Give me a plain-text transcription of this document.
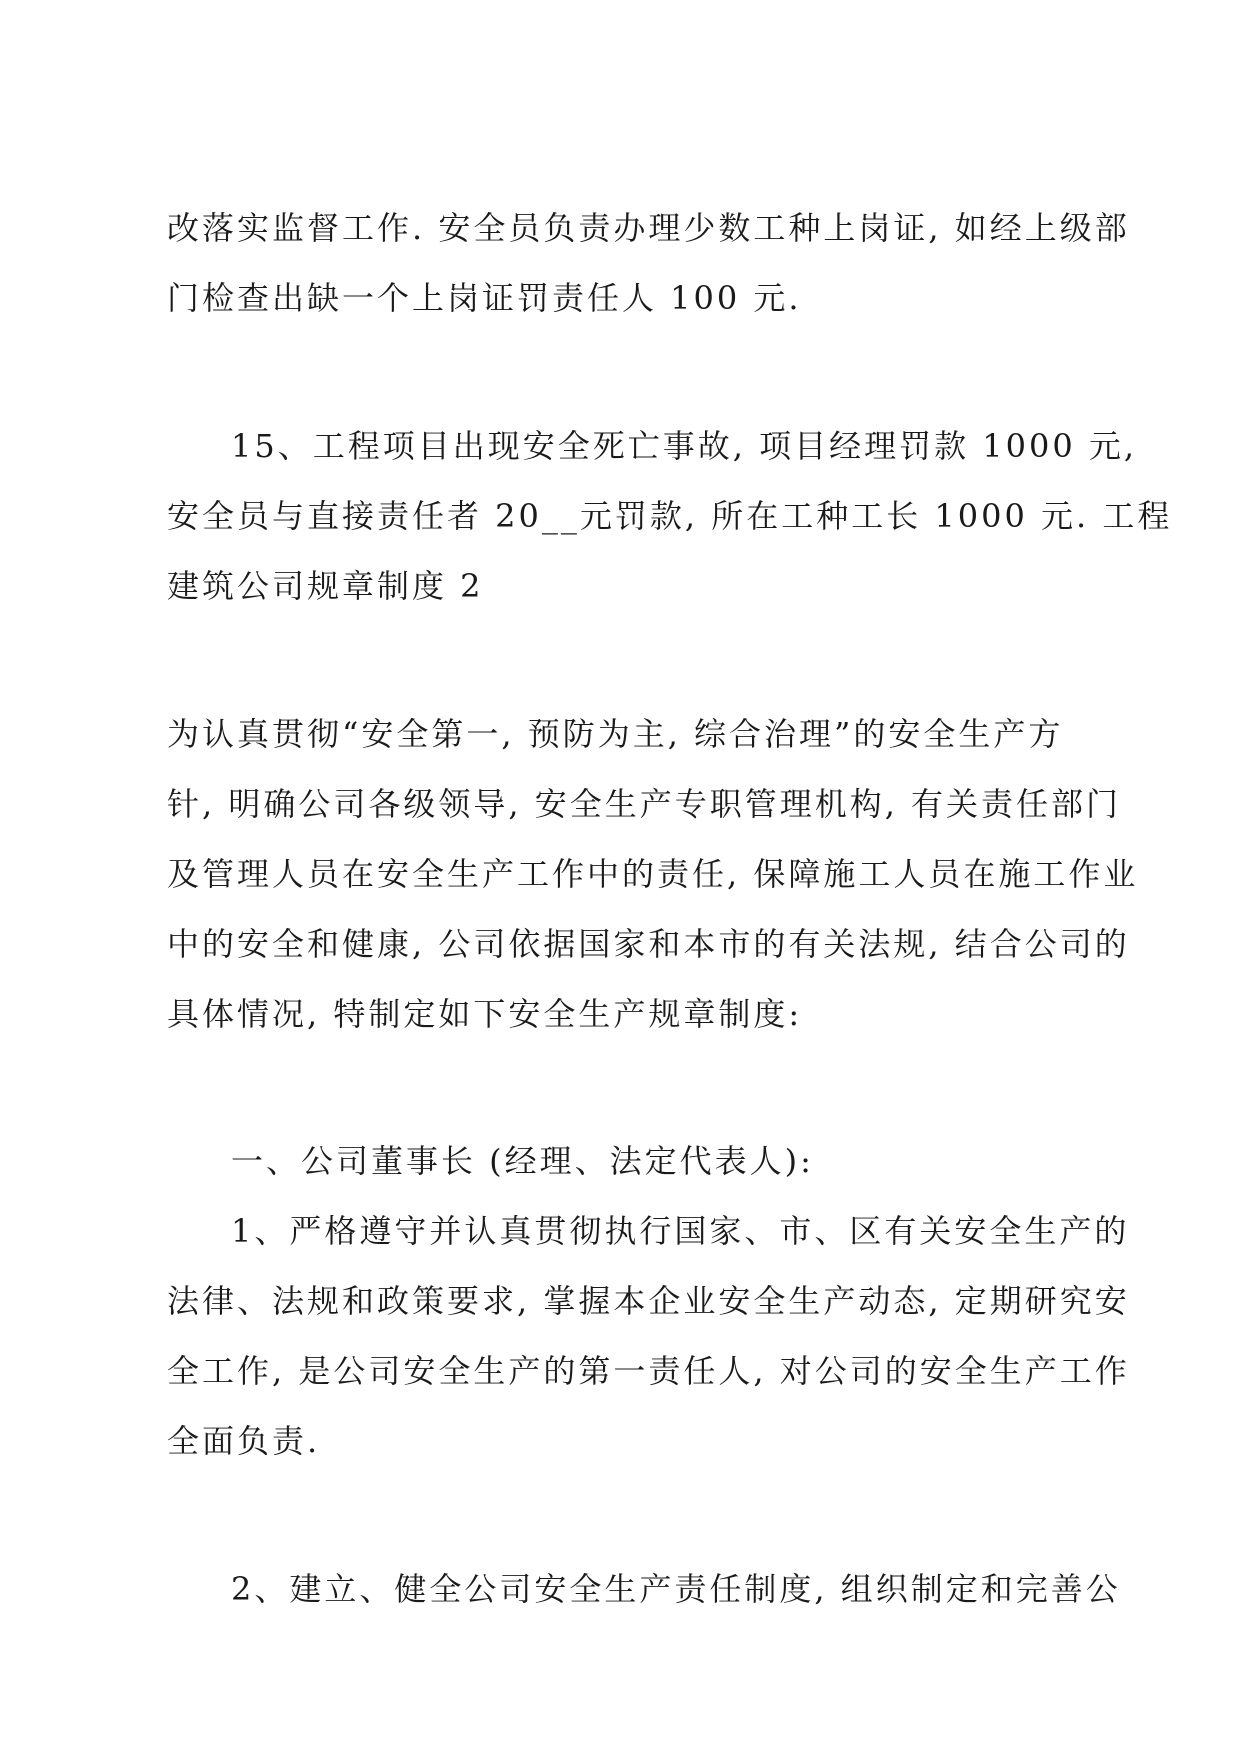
改落实监督工作. 安全员负责办理少数工种上岗证, 如经上级部
门检查出缺一个上岗证罚责任人 100 元.
15、工程项目出现安全死亡事故, 项目经理罚款 1000 元,
安全员与直接责任者 20__元罚款, 所在工种工长 1000 元. 工程
建筑公司规章制度 2
为认真贯彻“安全第一, 预防为主, 综合治理”的安全生产方
针, 明确公司各级领导, 安全生产专职管理机构, 有关责任部门
及管理人员在安全生产工作中的责任, 保障施工人员在施工作业
中的安全和健康, 公司依据国家和本市的有关法规, 结合公司的
具体情况, 特制定如下安全生产规章制度:
一、公司董事长 (经理、法定代表人):
1、严格遵守并认真贯彻执行国家、市、区有关安全生产的
法律、法规和政策要求, 掌握本企业安全生产动态, 定期研究安
全工作, 是公司安全生产的第一责任人, 对公司的安全生产工作
全面负责.
2、建立、健全公司安全生产责任制度, 组织制定和完善公
